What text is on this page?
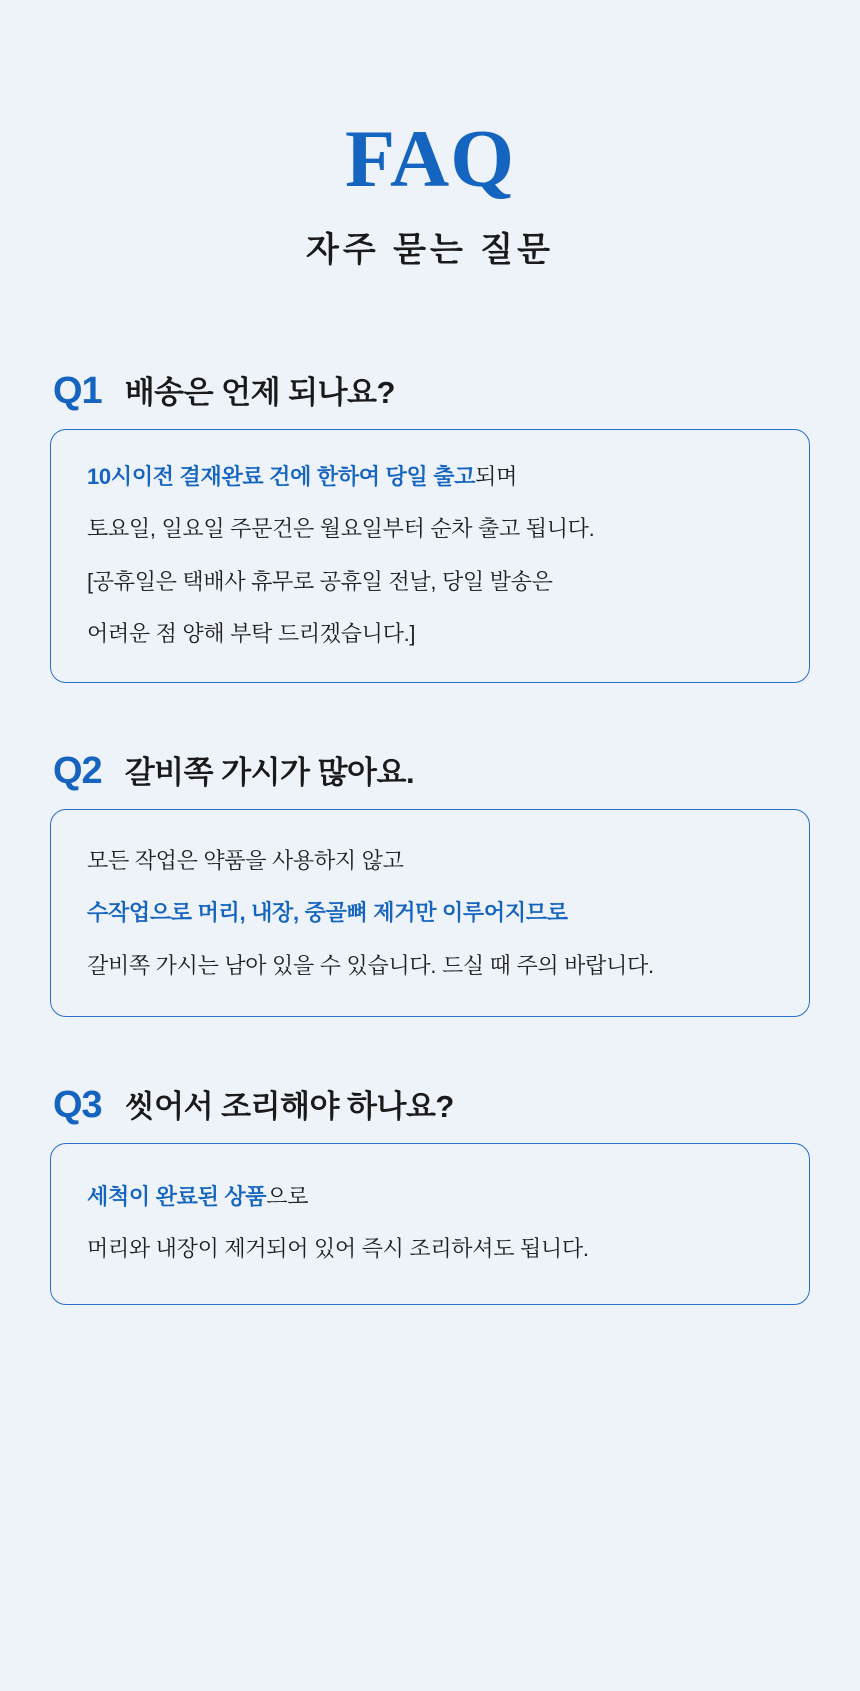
FAQ
자주 묻는 질문
Q1 배송은 언제 되나요?
10시이전 결재완료 건에 한하여 당일 출고되며
토요일, 일요일 주문건은 월요일부터 순차 출고 됩니다.
[공휴일은 택배사 휴무로 공휴일 전날, 당일 발송은
어려운 점 양해 부탁 드리겠습니다.]
Q2 갈비쪽 가시가 많아요.
모든 작업은 약품을 사용하지 않고
수작업으로 머리, 내장, 중골뼈 제거만 이루어지므로
갈비쪽 가시는 남아 있을 수 있습니다. 드실 때 주의 바랍니다.
Q3 씻어서 조리해야 하나요?
세척이 완료된 상품으로
머리와 내장이 제거되어 있어 즉시 조리하셔도 됩니다.
